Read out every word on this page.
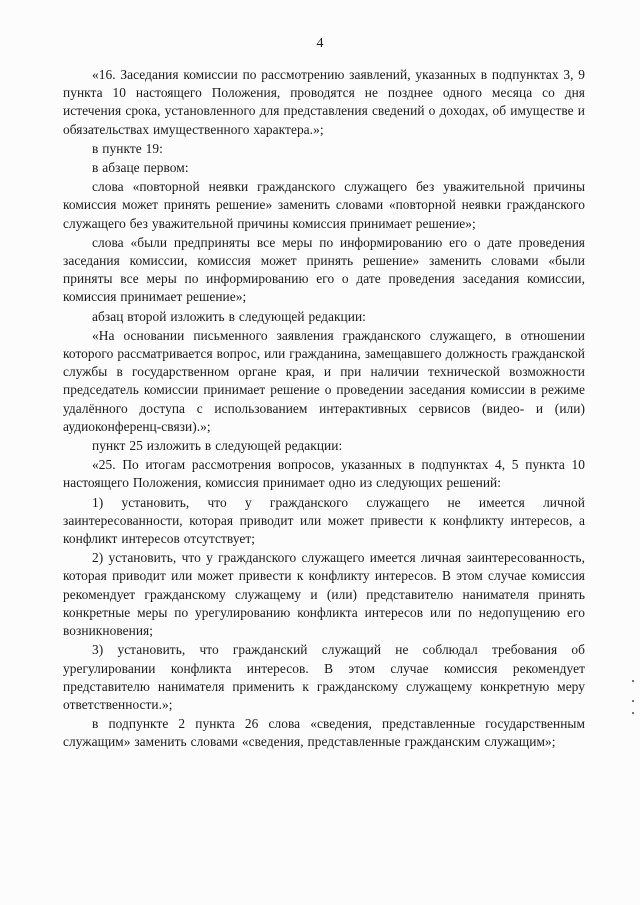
4

«16. Заседания комиссии по рассмотрению заявлений, указанных в подпунктах 3, 9 пункта 10 настоящего Положения, проводятся не позднее одного месяца со дня истечения срока, установленного для представления сведений о доходах, об имуществе и обязательствах имущественного характера.»;

в пункте 19:

в абзаце первом:

слова «повторной неявки гражданского служащего без уважительной причины комиссия может принять решение» заменить словами «повторной неявки гражданского служащего без уважительной причины комиссия принимает решение»;

слова «были предприняты все меры по информированию его о дате проведения заседания комиссии, комиссия может принять решение» заменить словами «были приняты все меры по информированию его о дате проведения заседания комиссии, комиссия принимает решение»;

абзац второй изложить в следующей редакции:

«На основании письменного заявления гражданского служащего, в отношении которого рассматривается вопрос, или гражданина, замещавшего должность гражданской службы в государственном органе края, и при наличии технической возможности председатель комиссии принимает решение о проведении заседания комиссии в режиме удалённого доступа с использованием интерактивных сервисов (видео- и (или) аудиоконференц-связи).»;

пункт 25 изложить в следующей редакции:

«25. По итогам рассмотрения вопросов, указанных в подпунктах 4, 5 пункта 10 настоящего Положения, комиссия принимает одно из следующих решений:

1) установить, что у гражданского служащего не имеется личной заинтересованности, которая приводит или может привести к конфликту интересов, а конфликт интересов отсутствует;

2) установить, что у гражданского служащего имеется личная заинтересованность, которая приводит или может привести к конфликту интересов. В этом случае комиссия рекомендует гражданскому служащему и (или) представителю нанимателя принять конкретные меры по урегулированию конфликта интересов или по недопущению его возникновения;

3) установить, что гражданский служащий не соблюдал требования об урегулировании конфликта интересов. В этом случае комиссия рекомендует представителю нанимателя применить к гражданскому служащему конкретную меру ответственности.»;

в подпункте 2 пункта 26 слова «сведения, представленные государственным служащим» заменить словами «сведения, представленные гражданским служащим»;
